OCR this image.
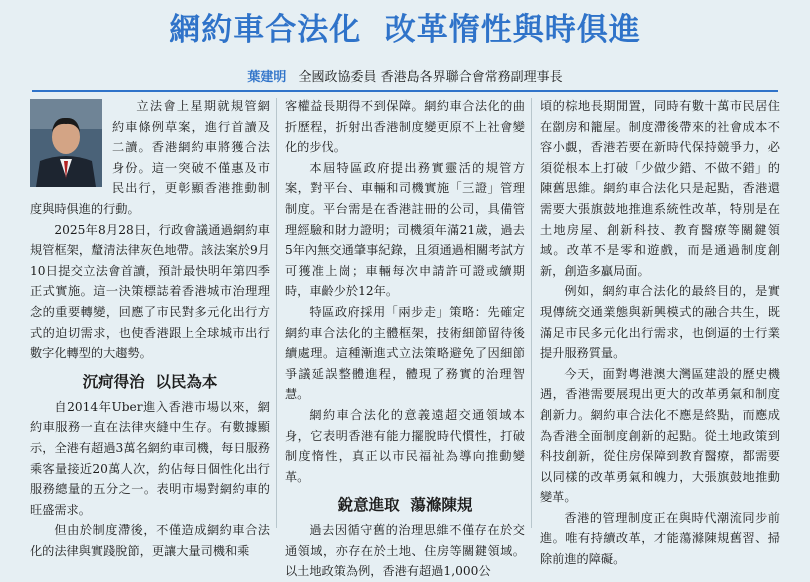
網約車合法化  改革惰性與時俱進
葉建明 全國政協委員 香港島各界聯合會常務副理事長

立法會上星期就規管網約車條例草案，進行首讀及二讀。香港網約車將獲合法身份。這一突破不僅惠及市民出行，更彰顯香港推動制度與時俱進的行動。

2025年8月28日，行政會議通過網約車規管框架，釐清法律灰色地帶。該法案於9月10日提交立法會首讀，預計最快明年第四季正式實施。這一決策標誌着香港城市治理理念的重要轉變，回應了市民對多元化出行方式的迫切需求，也使香港跟上全球城市出行數字化轉型的大趨勢。

沉疴得治  以民為本

自2014年Uber進入香港市場以來，網約車服務一直在法律夾縫中生存。有數據顯示，全港有超過3萬名網約車司機，每日服務乘客量接近20萬人次，約佔每日個性化出行服務總量的五分之一。表明市場對網約車的旺盛需求。

但由於制度滯後，不僅造成網約車合法化的法律與實踐脫節，更讓大量司機和乘

客權益長期得不到保障。網約車合法化的曲折歷程，折射出香港制度變更原不上社會變化的步伐。

本屆特區政府提出務實靈活的規管方案，對平台、車輛和司機實施「三證」管理制度。平台需是在香港註冊的公司，具備管理經驗和財力證明；司機須年滿21歲，過去5年內無交通肇事紀錄，且須通過相關考試方可獲准上崗；車輛每次申請許可證或續期時，車齡少於12年。

特區政府採用「兩步走」策略：先確定網約車合法化的主體框架，技術細節留待後續處理。這種漸進式立法策略避免了因細節爭議延誤整體進程，體現了務實的治理智慧。

網約車合法化的意義遠超交通領域本身，它表明香港有能力擺脫時代慣性，打破制度惰性，真正以市民福祉為導向推動變革。

銳意進取  蕩滌陳規

過去因循守舊的治理思維不僅存在於交通領域，亦存在於土地、住房等關鍵領域。以土地政策為例，香港有超過1,000公

頃的棕地長期閒置，同時有數十萬市民居住在劏房和籠屋。制度滯後帶來的社會成本不容小覷，香港若要在新時代保持競爭力，必須從根本上打破「少做少錯、不做不錯」的陳舊思維。網約車合法化只是起點，香港還需要大張旗鼓地推進系統性改革，特別是在土地房屋、創新科技、教育醫療等關鍵領域。改革不是零和遊戲，而是通過制度創新，創造多贏局面。

例如，網約車合法化的最終目的，是實現傳統交通業態與新興模式的融合共生，既滿足市民多元化出行需求，也倒逼的士行業提升服務質量。

今天，面對粵港澳大灣區建設的歷史機遇，香港需要展現出更大的改革勇氣和制度創新力。網約車合法化不應是終點，而應成為香港全面制度創新的起點。從土地政策到科技創新，從住房保障到教育醫療，都需要以同樣的改革勇氣和魄力，大張旗鼓地推動變革。

香港的管理制度正在與時代潮流同步前進。唯有持續改革，才能蕩滌陳規舊習、掃除前進的障礙。
